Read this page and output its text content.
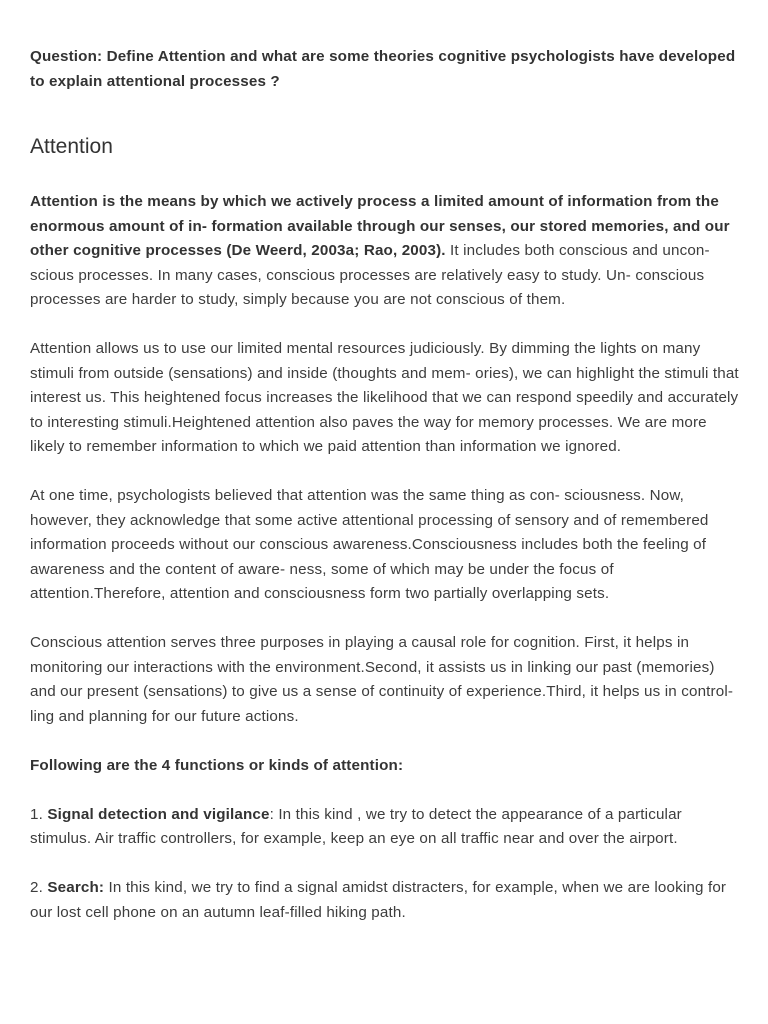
Question: Define Attention and what are some theories cognitive psychologists have developed to explain attentional processes ?

Attention

Attention is the means by which we actively process a limited amount of information from the enormous amount of in- formation available through our senses, our stored memories, and our other cognitive processes (De Weerd, 2003a; Rao, 2003). It includes both conscious and uncon- scious processes. In many cases, conscious processes are relatively easy to study. Un- conscious processes are harder to study, simply because you are not conscious of them.

Attention allows us to use our limited mental resources judiciously. By dimming the lights on many stimuli from outside (sensations) and inside (thoughts and mem- ories), we can highlight the stimuli that interest us. This heightened focus increases the likelihood that we can respond speedily and accurately to interesting stimuli.Heightened attention also paves the way for memory processes. We are more likely to remember information to which we paid attention than information we ignored.

At one time, psychologists believed that attention was the same thing as con- sciousness. Now, however, they acknowledge that some active attentional processing of sensory and of remembered information proceeds without our conscious awareness.Consciousness includes both the feeling of awareness and the content of aware- ness, some of which may be under the focus of attention.Therefore, attention and consciousness form two partially overlapping sets.

Conscious attention serves three purposes in playing a causal role for cognition. First, it helps in monitoring our interactions with the environment.Second, it assists us in linking our past (memories) and our present (sensations) to give us a sense of continuity of experience.Third, it helps us in control- ling and planning for our future actions.

Following are the 4 functions or kinds of attention:

1. Signal detection and vigilance: In this kind , we try to detect the appearance of a particular stimulus. Air traffic controllers, for example, keep an eye on all traffic near and over the airport.

2. Search: In this kind, we try to find a signal amidst distracters, for example, when we are looking for our lost cell phone on an autumn leaf-filled hiking path.
